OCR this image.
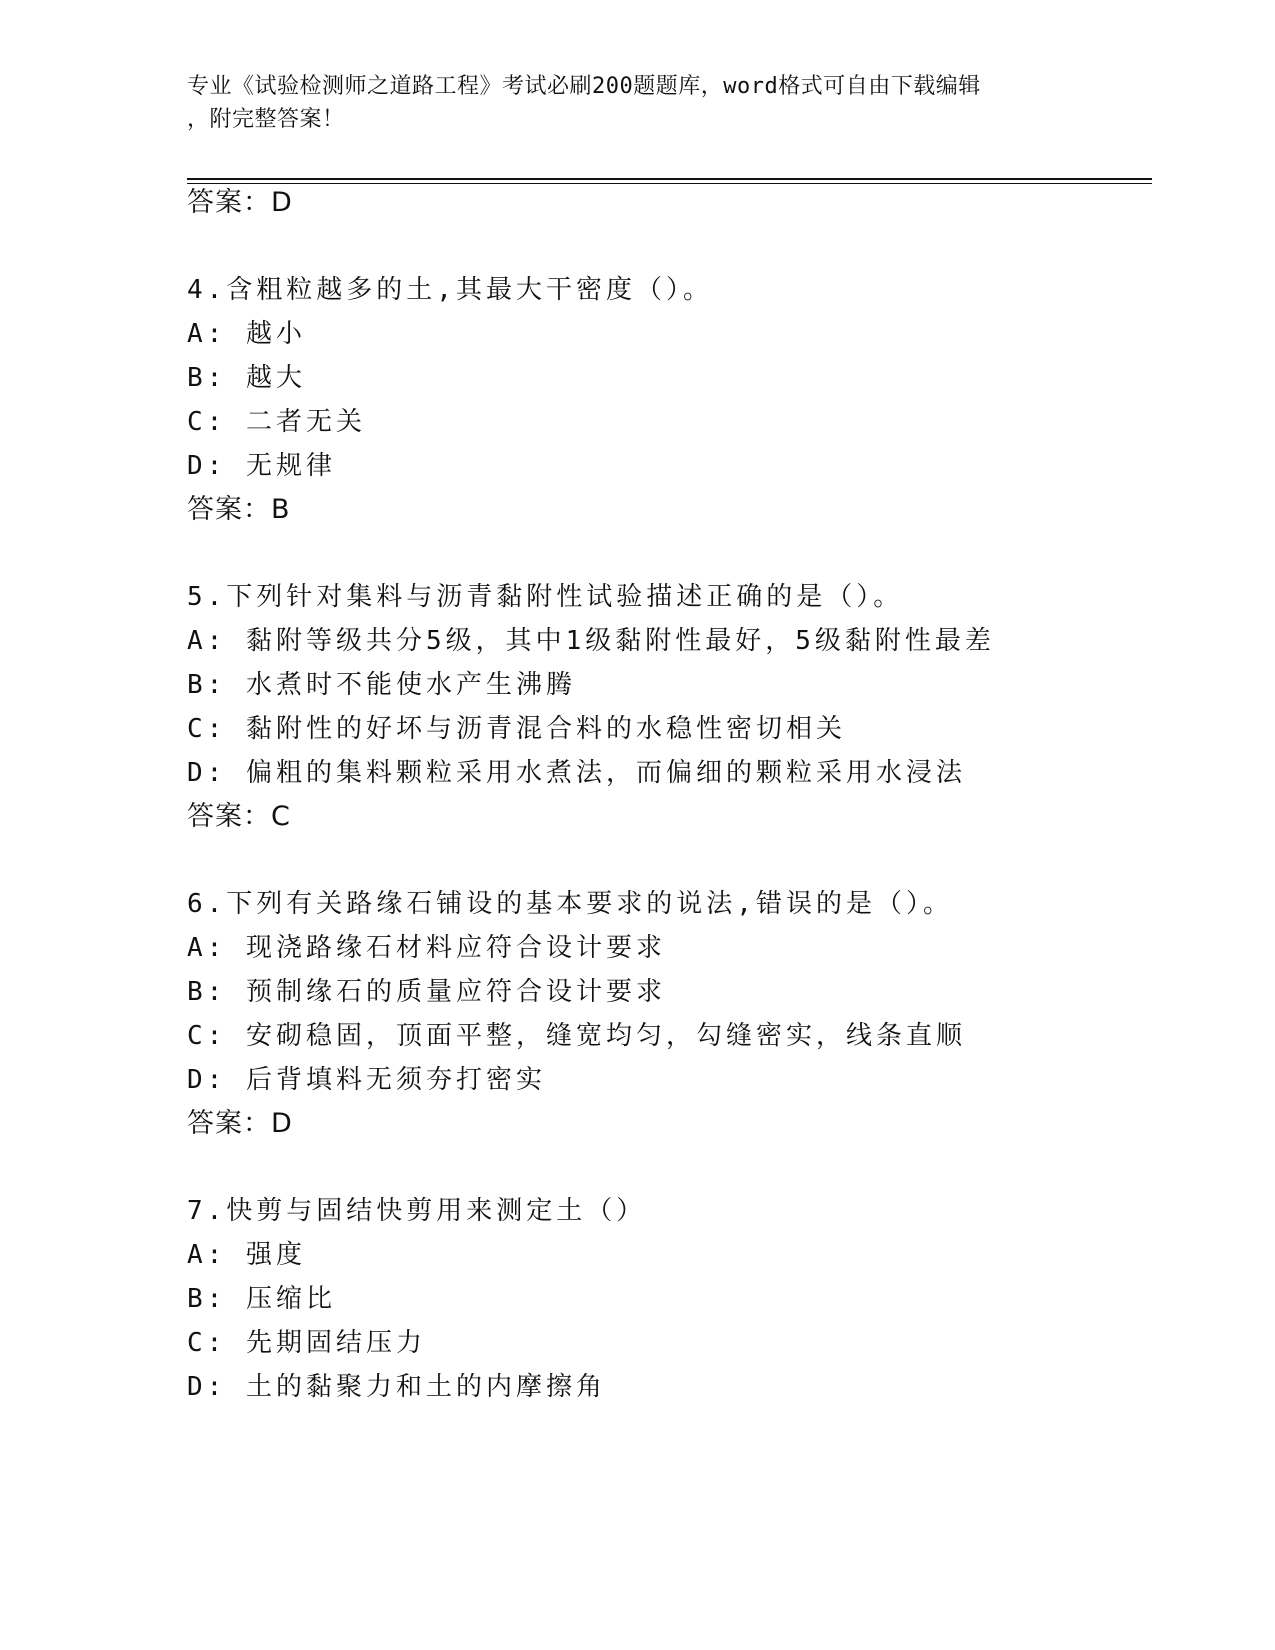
专业《试验检测师之道路工程》考试必刷200题题库，word格式可自由下载编辑
，附完整答案！
答案：D
4.含粗粒越多的土,其最大干密度（）。
A: 越小
B: 越大
C: 二者无关
D: 无规律
答案：B
5.下列针对集料与沥青黏附性试验描述正确的是（）。
A: 黏附等级共分5级，其中1级黏附性最好，5级黏附性最差
B: 水煮时不能使水产生沸腾
C: 黏附性的好坏与沥青混合料的水稳性密切相关
D: 偏粗的集料颗粒采用水煮法，而偏细的颗粒采用水浸法
答案：C
6.下列有关路缘石铺设的基本要求的说法,错误的是（）。
A: 现浇路缘石材料应符合设计要求
B: 预制缘石的质量应符合设计要求
C: 安砌稳固，顶面平整，缝宽均匀，勾缝密实，线条直顺
D: 后背填料无须夯打密实
答案：D
7.快剪与固结快剪用来测定土（）
A: 强度
B: 压缩比
C: 先期固结压力
D: 土的黏聚力和土的内摩擦角
